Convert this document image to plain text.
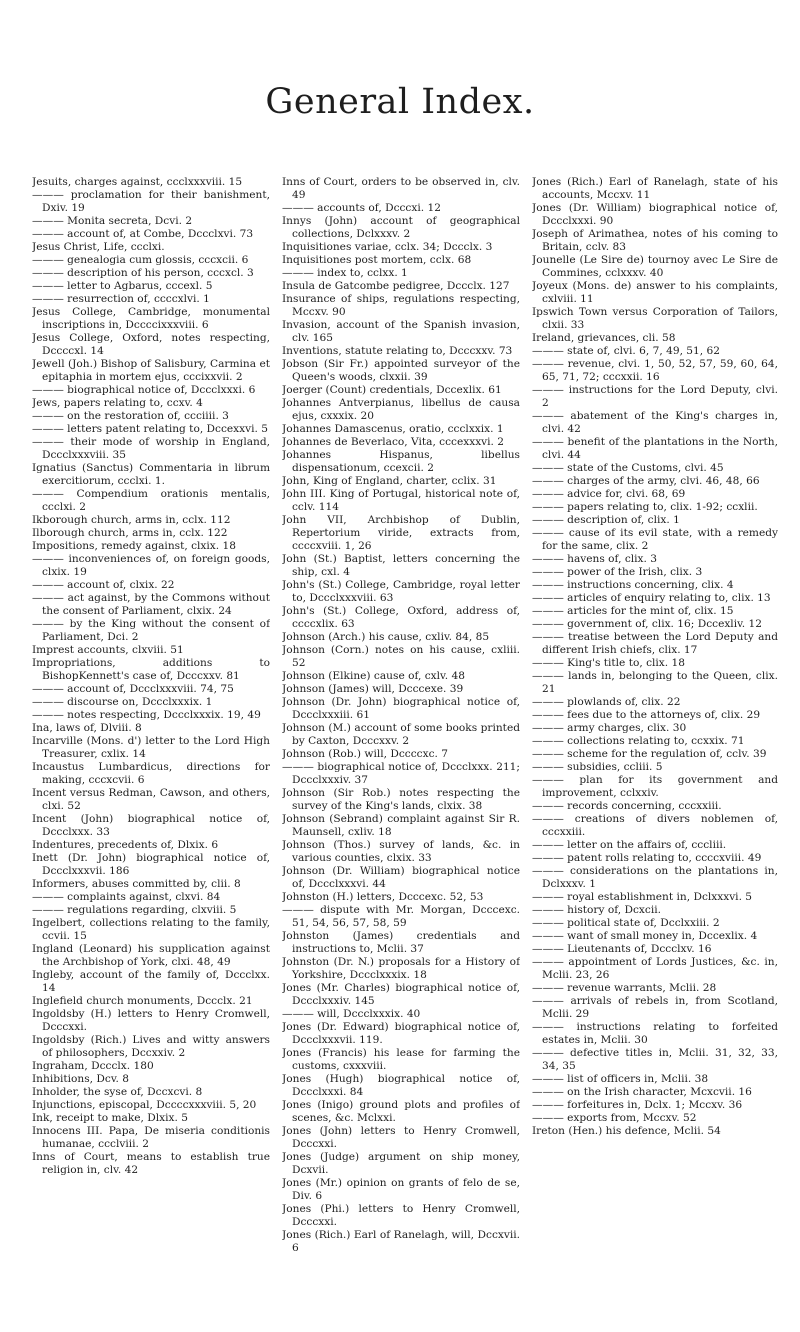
General Index.

Jesuits, charges against, ccclxxxviii. 15

——— proclamation for their banishment, Dxiv. 19

——— Monita secreta, Dcvi. 2

——— account of, at Combe, Dccclxvi. 73

Jesus Christ, Life, ccclxi.

——— genealogia cum glossis, cccxcii. 6

——— description of his person, cccxcl. 3

——— letter to Agbarus, cccexl. 5

——— resurrection of, ccccxlvi. 1

Jesus College, Cambridge, monumental inscriptions in, Dccccixxxviii. 6

Jesus College, Oxford, notes respecting, Dccccxl. 14

Jewell (Joh.) Bishop of Salisbury, Carmina et epitaphia in mortem ejus, cccixxvii. 2

——— biographical notice of, Dccclxxxi. 6

Jews, papers relating to, ccxv. 4

——— on the restoration of, ccciiii. 3

——— letters patent relating to, Dccexxvi. 5

——— their mode of worship in England, Dccclxxxviii. 35

Ignatius (Sanctus) Commentaria in librum exercitiorum, ccclxi. 1.

——— Compendium orationis mentalis, ccclxi. 2

Ikborough church, arms in, cclx. 112

Ilborough church, arms in, cclx. 122

Impositions, remedy against, clxix. 18

——— inconveniences of, on foreign goods, clxix. 19

——— account of, clxix. 22

——— act against, by the Commons without the consent of Parliament, clxix. 24

——— by the King without the consent of Parliament, Dci. 2

Imprest accounts, clxviii. 51

Impropriations, additions to BishopKennett's case of, Dcccxxv. 81

——— account of, Dccclxxxviii. 74, 75

——— discourse on, Dccclxxxix. 1

——— notes respecting, Dccclxxxix. 19, 49

Ina, laws of, Dlviii. 8

Incarville (Mons. d') letter to the Lord High Treasurer, cxlix. 14

Incaustus Lumbardicus, directions for making, cccxcvii. 6

Incent versus Redman, Cawson, and others, clxi. 52

Incent (John) biographical notice of, Dccclxxx. 33

Indentures, precedents of, Dlxix. 6

Inett (Dr. John) biographical notice of, Dccclxxxvii. 186

Informers, abuses committed by, clii. 8

——— complaints against, clxvi. 84

——— regulations regarding, clxviii. 5

Ingelbert, collections relating to the family, ccvii. 15

Ingland (Leonard) his supplication against the Archbishop of York, clxi. 48, 49

Ingleby, account of the family of, Dccclxx. 14

Inglefield church monuments, Dccclx. 21

Ingoldsby (H.) letters to Henry Cromwell, Dcccxxi.

Ingoldsby (Rich.) Lives and witty answers of philosophers, Dccxxiv. 2

Ingraham, Dccclx. 180

Inhibitions, Dcv. 8

Inholder, the syse of, Dccxcvi. 8

Injunctions, episcopal, Dccccxxxviii. 5, 20

Ink, receipt to make, Dlxix. 5

Innocens III. Papa, De miseria conditionis humanae, ccclviii. 2

Inns of Court, means to establish true religion in, clv. 42

Inns of Court, orders to be observed in, clv. 49

——— accounts of, Dcccxi. 12

Innys (John) account of geographical collections, Dclxxxv. 2

Inquisitiones variae, cclx. 34; Dccclx. 3

Inquisitiones post mortem, cclx. 68

——— index to, cclxx. 1

Insula de Gatcombe pedigree, Dccclx. 127

Insurance of ships, regulations respecting, Mccxv. 90

Invasion, account of the Spanish invasion, clv. 165

Inventions, statute relating to, Dcccxxv. 73

Jobson (Sir Fr.) appointed surveyor of the Queen's woods, clxxii. 39

Joerger (Count) credentials, Dccexlix. 61

Johannes Antverpianus, libellus de causa ejus, cxxxix. 20

Johannes Damascenus, oratio, ccclxxix. 1

Johannes de Beverlaco, Vita, cccexxxvi. 2

Johannes Hispanus, libellus dispensationum, ccexcii. 2

John, King of England, charter, cclix. 31

John III. King of Portugal, historical note of, cclv. 114

John VII, Archbishop of Dublin, Repertorium viride, extracts from, ccccxviii. 1, 26

John (St.) Baptist, letters concerning the ship, cxl. 4

John's (St.) College, Cambridge, royal letter to, Dccclxxxviii. 63

John's (St.) College, Oxford, address of, ccccxlix. 63

Johnson (Arch.) his cause, cxliv. 84, 85

Johnson (Corn.) notes on his cause, cxliii. 52

Johnson (Elkine) cause of, cxlv. 48

Johnson (James) will, Dcccexe. 39

Johnson (Dr. John) biographical notice of, Dccclxxxiii. 61

Johnson (M.) account of some books printed by Caxton, Dcccxxv. 2

Johnson (Rob.) will, Dccccxc. 7

——— biographical notice of, Dccclxxx. 211; Dccclxxxiv. 37

Johnson (Sir Rob.) notes respecting the survey of the King's lands, clxix. 38

Johnson (Sebrand) complaint against Sir R. Maunsell, cxliv. 18

Johnson (Thos.) survey of lands, &c. in various counties, clxix. 33

Johnson (Dr. William) biographical notice of, Dccclxxxvi. 44

Johnston (H.) letters, Dcccexc. 52, 53

——— dispute with Mr. Morgan, Dcccexc. 51, 54, 56, 57, 58, 59

Johnston (James) credentials and instructions to, Mclii. 37

Johnston (Dr. N.) proposals for a History of Yorkshire, Dccclxxxix. 18

Jones (Mr. Charles) biographical notice of, Dccclxxxiv. 145

——— will, Dccclxxxix. 40

Jones (Dr. Edward) biographical notice of, Dccclxxxvii. 119.

Jones (Francis) his lease for farming the customs, cxxxviii.

Jones (Hugh) biographical notice of, Dccclxxxi. 84

Jones (Inigo) ground plots and profiles of scenes, &c. Mclxxi.

Jones (John) letters to Henry Cromwell, Dcccxxi.

Jones (Judge) argument on ship money, Dcxvii.

Jones (Mr.) opinion on grants of felo de se, Div. 6

Jones (Phi.) letters to Henry Cromwell, Dcccxxi.

Jones (Rich.) Earl of Ranelagh, will, Dccxvii. 6

Jones (Rich.) Earl of Ranelagh, state of his accounts, Mccxv. 11

Jones (Dr. William) biographical notice of, Dccclxxxi. 90

Joseph of Arimathea, notes of his coming to Britain, cclv. 83

Jounelle (Le Sire de) tournoy avec Le Sire de Commines, cclxxxv. 40

Joyeux (Mons. de) answer to his complaints, cxlviii. 11

Ipswich Town versus Corporation of Tailors, clxii. 33

Ireland, grievances, cli. 58

——— state of, clvi. 6, 7, 49, 51, 62

——— revenue, clvi. 1, 50, 52, 57, 59, 60, 64, 65, 71, 72; cccxxii. 16

——— instructions for the Lord Deputy, clvi. 2

——— abatement of the King's charges in, clvi. 42

——— benefit of the plantations in the North, clvi. 44

——— state of the Customs, clvi. 45

——— charges of the army, clvi. 46, 48, 66

——— advice for, clvi. 68, 69

——— papers relating to, clix. 1-92; ccxlii.

——— description of, clix. 1

——— cause of its evil state, with a remedy for the same, clix. 2

——— havens of, clix. 3

——— power of the Irish, clix. 3

——— instructions concerning, clix. 4

——— articles of enquiry relating to, clix. 13

——— articles for the mint of, clix. 15

——— government of, clix. 16; Dccexliv. 12

——— treatise between the Lord Deputy and different Irish chiefs, clix. 17

——— King's title to, clix. 18

——— lands in, belonging to the Queen, clix. 21

——— plowlands of, clix. 22

——— fees due to the attorneys of, clix. 29

——— army charges, clix. 30

——— collections relating to, ccxxix. 71

——— scheme for the regulation of, cclv. 39

——— subsidies, ccliii. 5

——— plan for its government and improvement, cclxxiv.

——— records concerning, cccxxiii.

——— creations of divers noblemen of, cccxxiii.

——— letter on the affairs of, cccliii.

——— patent rolls relating to, ccccxviii. 49

——— considerations on the plantations in, Dclxxxv. 1

——— royal establishment in, Dclxxxvi. 5

——— history of, Dcxcii.

——— political state of, Dcclxxiii. 2

——— want of small money in, Dccexlix. 4

——— Lieutenants of, Dccclxv. 16

——— appointment of Lords Justices, &c. in, Mclii. 23, 26

——— revenue warrants, Mclii. 28

——— arrivals of rebels in, from Scotland, Mclii. 29

——— instructions relating to forfeited estates in, Mclii. 30

——— defective titles in, Mclii. 31, 32, 33, 34, 35

——— list of officers in, Mclii. 38

——— on the Irish character, Mcxcvii. 16

——— forfeitures in, Dclx. 1; Mccxv. 36

——— exports from, Mccxv. 52

Ireton (Hen.) his defence, Mclii. 54
